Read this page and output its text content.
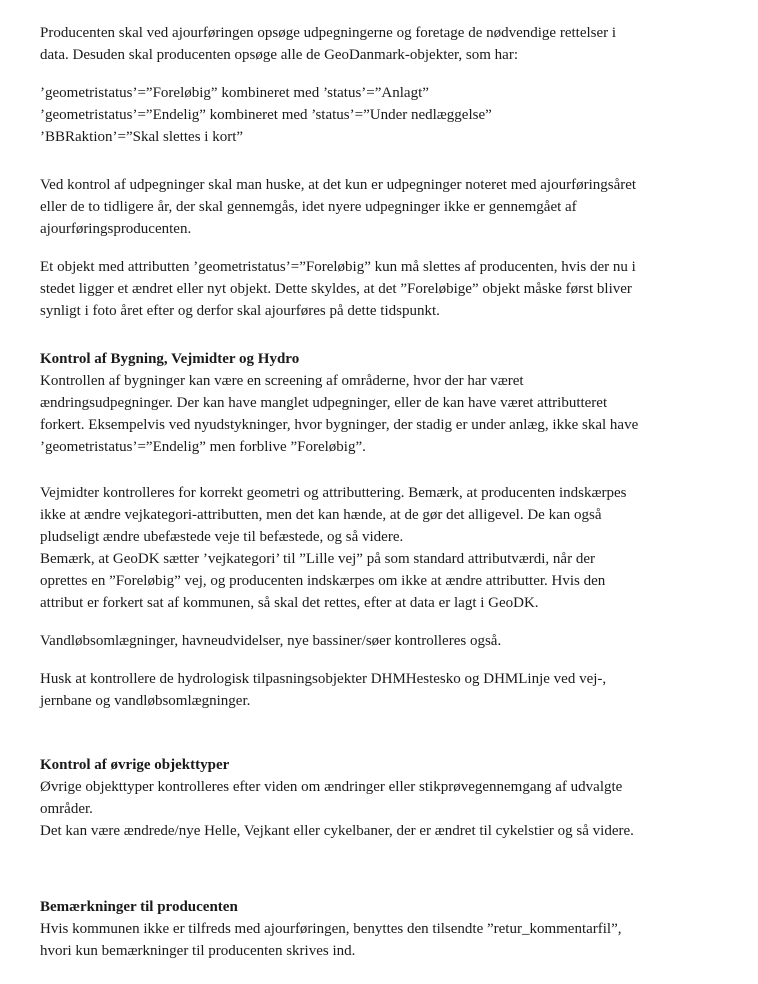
Producenten skal ved ajourføringen opsøge udpegningerne og foretage de nødvendige rettelser i
data. Desuden skal producenten opsøge alle de GeoDanmark-objekter, som har:

’geometristatus’=”Foreløbig” kombineret med ’status’=”Anlagt”
’geometristatus’=”Endelig” kombineret med ’status’=”Under nedlæggelse”
’BBRaktion’=”Skal slettes i kort”

Ved kontrol af udpegninger skal man huske, at det kun er udpegninger noteret med ajourføringsåret
eller de to tidligere år, der skal gennemgås, idet nyere udpegninger ikke er gennemgået af
ajourføringsproducenten.

Et objekt med attributten ’geometristatus’=”Foreløbig” kun må slettes af producenten, hvis der nu i
stedet ligger et ændret eller nyt objekt. Dette skyldes, at det ”Foreløbige” objekt måske først bliver
synligt i foto året efter og derfor skal ajourføres på dette tidspunkt.

Kontrol af Bygning, Vejmidter og Hydro
Kontrollen af bygninger kan være en screening af områderne, hvor der har været
ændringsudpegninger. Der kan have manglet udpegninger, eller de kan have været attributteret
forkert. Eksempelvis ved nyudstykninger, hvor bygninger, der stadig er under anlæg, ikke skal have
’geometristatus’=”Endelig” men forblive ”Foreløbig”.

Vejmidter kontrolleres for korrekt geometri og attributtering. Bemærk, at producenten indskærpes
ikke at ændre vejkategori-attributten, men det kan hænde, at de gør det alligevel. De kan også
pludseligt ændre ubefæstede veje til befæstede, og så videre.
Bemærk, at GeoDK sætter ’vejkategori’ til ”Lille vej” på som standard attributværdi, når der
oprettes en ”Foreløbig” vej, og producenten indskærpes om ikke at ændre attributter. Hvis den
attribut er forkert sat af kommunen, så skal det rettes, efter at data er lagt i GeoDK.

Vandløbsomlægninger, havneudvidelser, nye bassiner/søer kontrolleres også.

Husk at kontrollere de hydrologisk tilpasningsobjekter DHMHestesko og DHMLinje ved vej-,
jernbane og vandløbsomlægninger.

Kontrol af øvrige objekttyper
Øvrige objekttyper kontrolleres efter viden om ændringer eller stikprøvegennemgang af udvalgte
områder.
Det kan være ændrede/nye Helle, Vejkant eller cykelbaner, der er ændret til cykelstier og så videre.
Bemærkninger til producenten
Hvis kommunen ikke er tilfreds med ajourføringen, benyttes den tilsendte ”retur_kommentarfil”,
hvori kun bemærkninger til producenten skrives ind.
